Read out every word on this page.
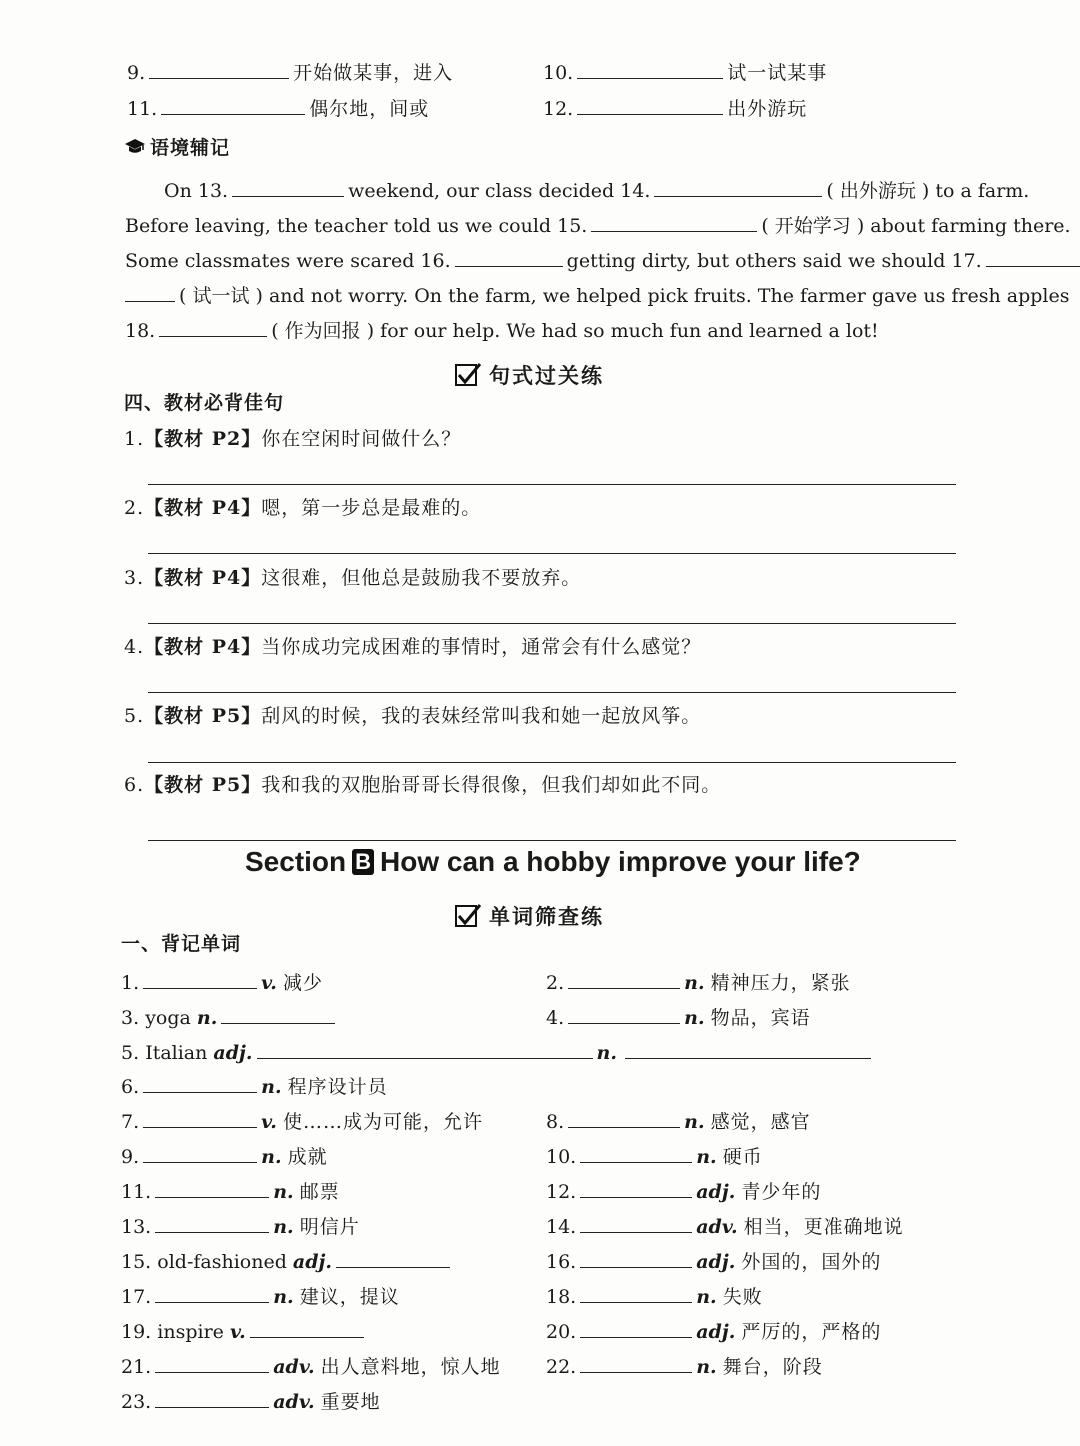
9.	开始做某事，进入	10.	试一试某事
11.	偶尔地，间或	12.	出外游玩
语境辅记
On 13.	weekend, our class decided 14.	( 出外游玩 ) to a farm.
Before leaving, the teacher told us we could 15.	( 开始学习 ) about farming there.
Some classmates were scared 16.	getting dirty, but others said we should 17.
( 试一试 ) and not worry. On the farm, we helped pick fruits. The farmer gave us fresh apples
18.	( 作为回报 ) for our help. We had so much fun and learned a lot!
句式过关练
四、教材必背佳句
1.【教材 P2】你在空闲时间做什么？
2.【教材 P4】嗯，第一步总是最难的。
3.【教材 P4】这很难，但他总是鼓励我不要放弃。
4.【教材 P4】当你成功完成困难的事情时，通常会有什么感觉？
5.【教材 P5】刮风的时候，我的表妹经常叫我和她一起放风筝。
6.【教材 P5】我和我的双胞胎哥哥长得很像，但我们却如此不同。
Section B How can a hobby improve your life?
单词筛查练
一、背记单词
1.	v. 减少	2.	n. 精神压力，紧张
3. yoga n.	4.	n. 物品，宾语
5. Italian adj.	n.
6.	n. 程序设计员
7.	v. 使……成为可能，允许	8.	n. 感觉，感官
9.	n. 成就	10.	n. 硬币
11.	n. 邮票	12.	adj. 青少年的
13.	n. 明信片	14.	adv. 相当，更准确地说
15. old-fashioned adj.	16.	adj. 外国的，国外的
17.	n. 建议，提议	18.	n. 失败
19. inspire v.	20.	adj. 严厉的，严格的
21.	adv. 出人意料地，惊人地 22.	n. 舞台，阶段
23.	adv. 重要地
